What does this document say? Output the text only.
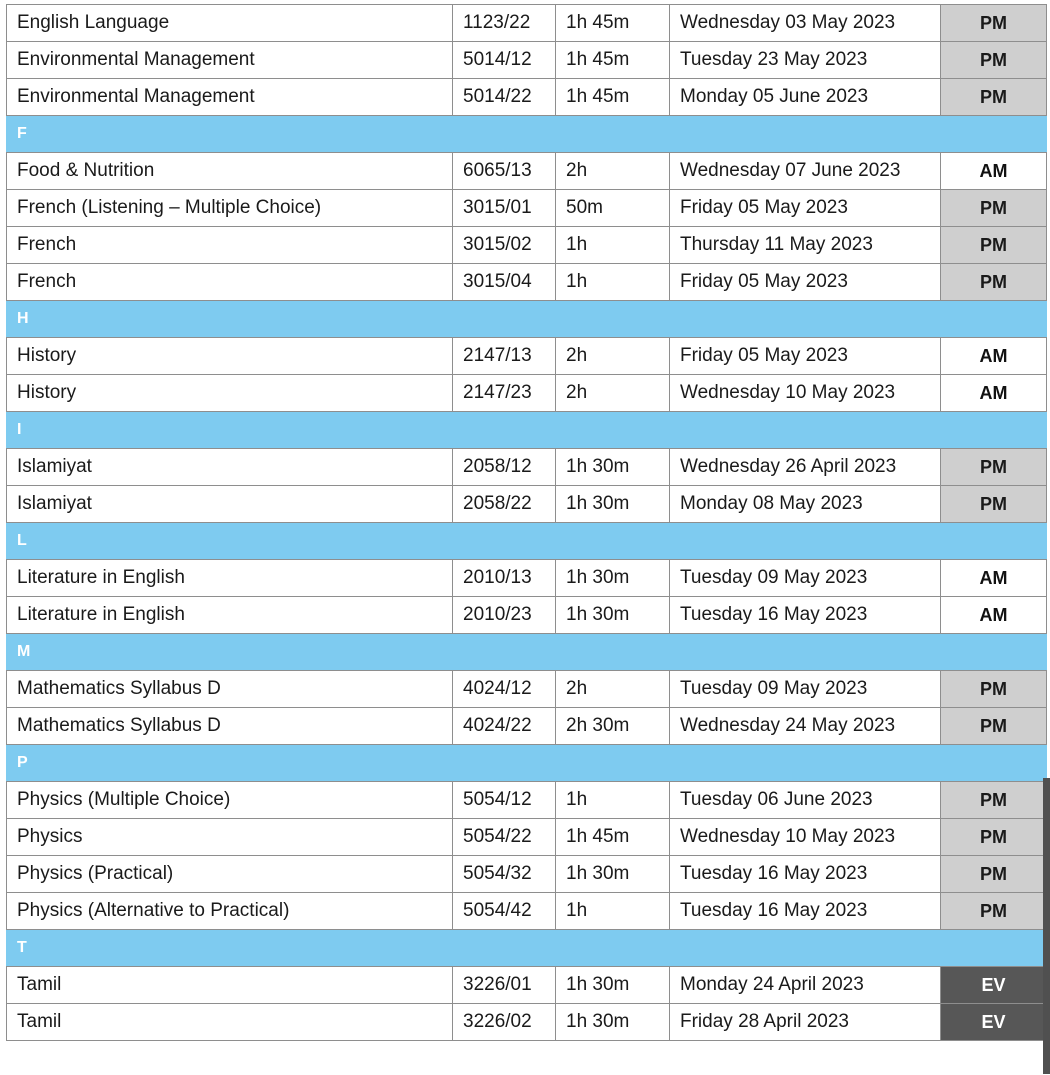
English Language	1123/22	1h 45m	Wednesday 03 May 2023	PM
Environmental Management	5014/12	1h 45m	Tuesday 23 May 2023	PM
Environmental Management	5014/22	1h 45m	Monday 05 June 2023	PM
F				
Food & Nutrition	6065/13	2h	Wednesday 07 June 2023	AM
French (Listening – Multiple Choice)	3015/01	50m	Friday 05 May 2023	PM
French	3015/02	1h	Thursday 11 May 2023	PM
French	3015/04	1h	Friday 05 May 2023	PM
H				
History	2147/13	2h	Friday 05 May 2023	AM
History	2147/23	2h	Wednesday 10 May 2023	AM
I				
Islamiyat	2058/12	1h 30m	Wednesday 26 April 2023	PM
Islamiyat	2058/22	1h 30m	Monday 08 May 2023	PM
L				
Literature in English	2010/13	1h 30m	Tuesday 09 May 2023	AM
Literature in English	2010/23	1h 30m	Tuesday 16 May 2023	AM
M				
Mathematics Syllabus D	4024/12	2h	Tuesday 09 May 2023	PM
Mathematics Syllabus D	4024/22	2h 30m	Wednesday 24 May 2023	PM
P				
Physics (Multiple Choice)	5054/12	1h	Tuesday 06 June 2023	PM
Physics	5054/22	1h 45m	Wednesday 10 May 2023	PM
Physics (Practical)	5054/32	1h 30m	Tuesday 16 May 2023	PM
Physics (Alternative to Practical)	5054/42	1h	Tuesday 16 May 2023	PM
T				
Tamil	3226/01	1h 30m	Monday 24 April 2023	EV
Tamil	3226/02	1h 30m	Friday 28 April 2023	EV
